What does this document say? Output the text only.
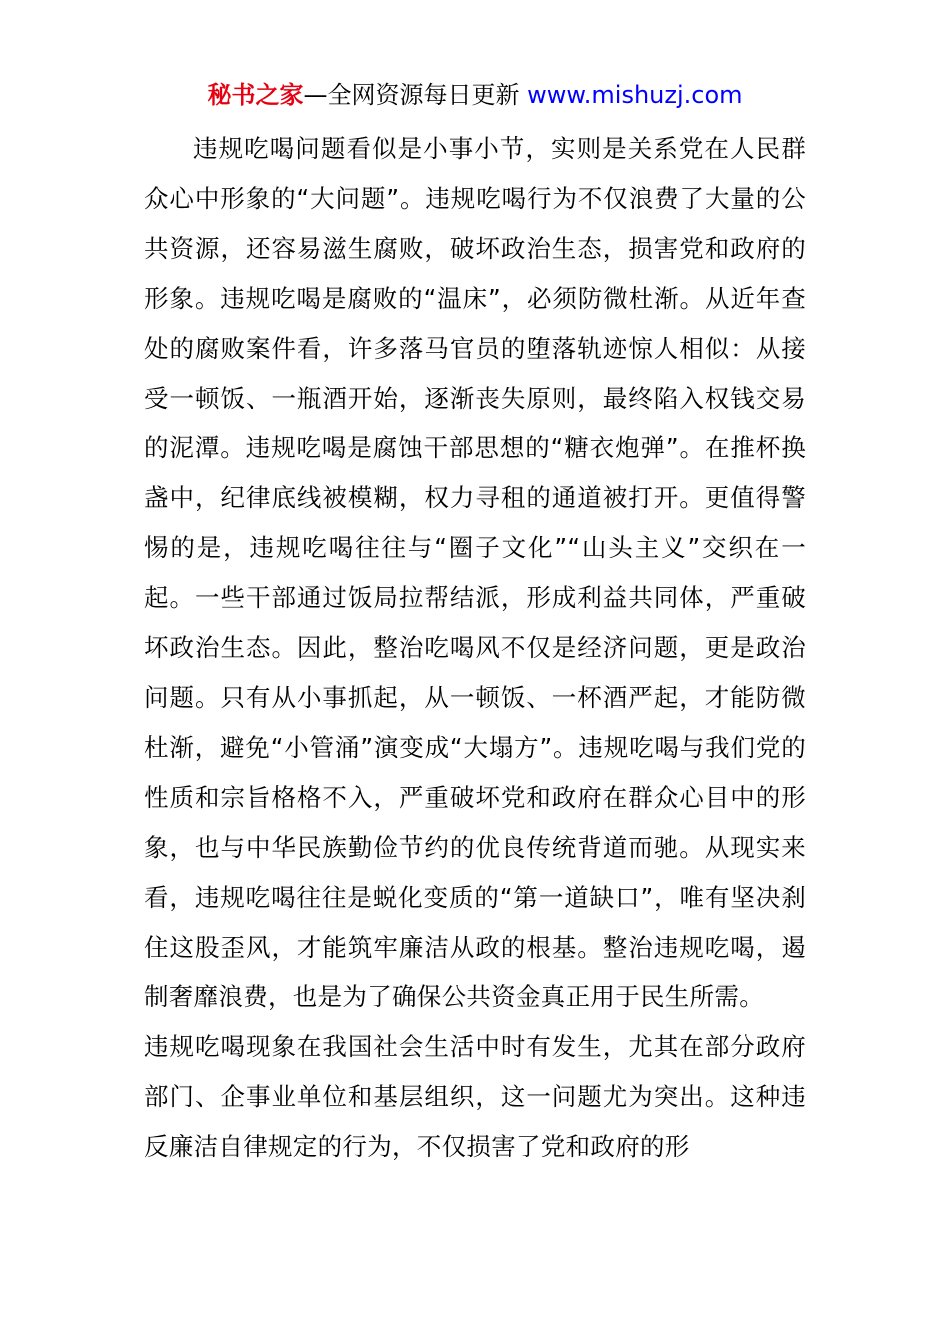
秘书之家—全网资源每日更新 www.mishuzj.com

违规吃喝问题看似是小事小节，实则是关系党在人民群众心中形象的“大问题”。违规吃喝行为不仅浪费了大量的公共资源，还容易滋生腐败，破坏政治生态，损害党和政府的形象。违规吃喝是腐败的“温床”，必须防微杜渐。从近年查处的腐败案件看，许多落马官员的堕落轨迹惊人相似：从接受一顿饭、一瓶酒开始，逐渐丧失原则，最终陷入权钱交易的泥潭。违规吃喝是腐蚀干部思想的“糖衣炮弹”。在推杯换盏中，纪律底线被模糊，权力寻租的通道被打开。更值得警惕的是，违规吃喝往往与“圈子文化”“山头主义”交织在一起。一些干部通过饭局拉帮结派，形成利益共同体，严重破坏政治生态。因此，整治吃喝风不仅是经济问题，更是政治问题。只有从小事抓起，从一顿饭、一杯酒严起，才能防微杜渐，避免“小管涌”演变成“大塌方”。违规吃喝与我们党的性质和宗旨格格不入，严重破坏党和政府在群众心目中的形象，也与中华民族勤俭节约的优良传统背道而驰。从现实来看，违规吃喝往往是蜕化变质的“第一道缺口”，唯有坚决刹住这股歪风，才能筑牢廉洁从政的根基。整治违规吃喝，遏制奢靡浪费，也是为了确保公共资金真正用于民生所需。

违规吃喝现象在我国社会生活中时有发生，尤其在部分政府部门、企事业单位和基层组织，这一问题尤为突出。这种违反廉洁自律规定的行为，不仅损害了党和政府的形
